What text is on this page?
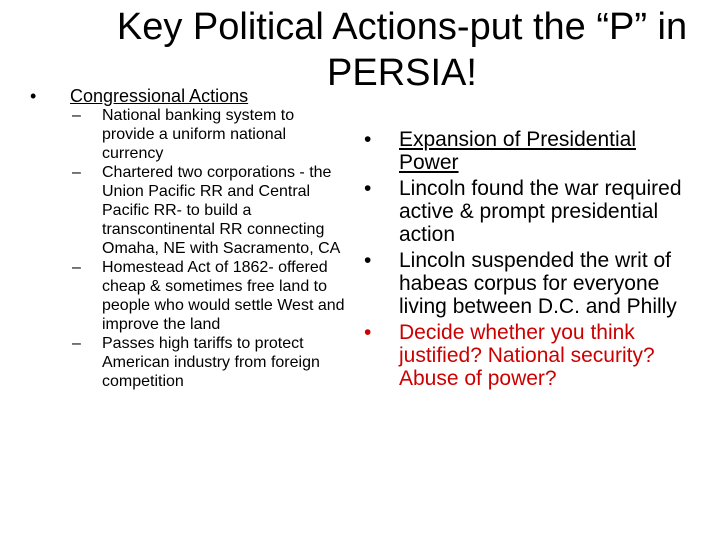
Key Political Actions-put the “P” in PERSIA!
• Congressional Actions
– National banking system to provide a uniform national currency
– Chartered two corporations - the Union Pacific RR and Central Pacific RR- to build a transcontinental RR connecting Omaha, NE with Sacramento, CA
– Homestead Act of 1862- offered cheap & sometimes free land to people who would settle West and improve the land
– Passes high tariffs to protect American industry from foreign competition
• Expansion of Presidential Power
• Lincoln found the war required active & prompt presidential action
• Lincoln suspended the writ of habeas corpus for everyone living between D.C. and Philly
• Decide whether you think justified? National security? Abuse of power?
